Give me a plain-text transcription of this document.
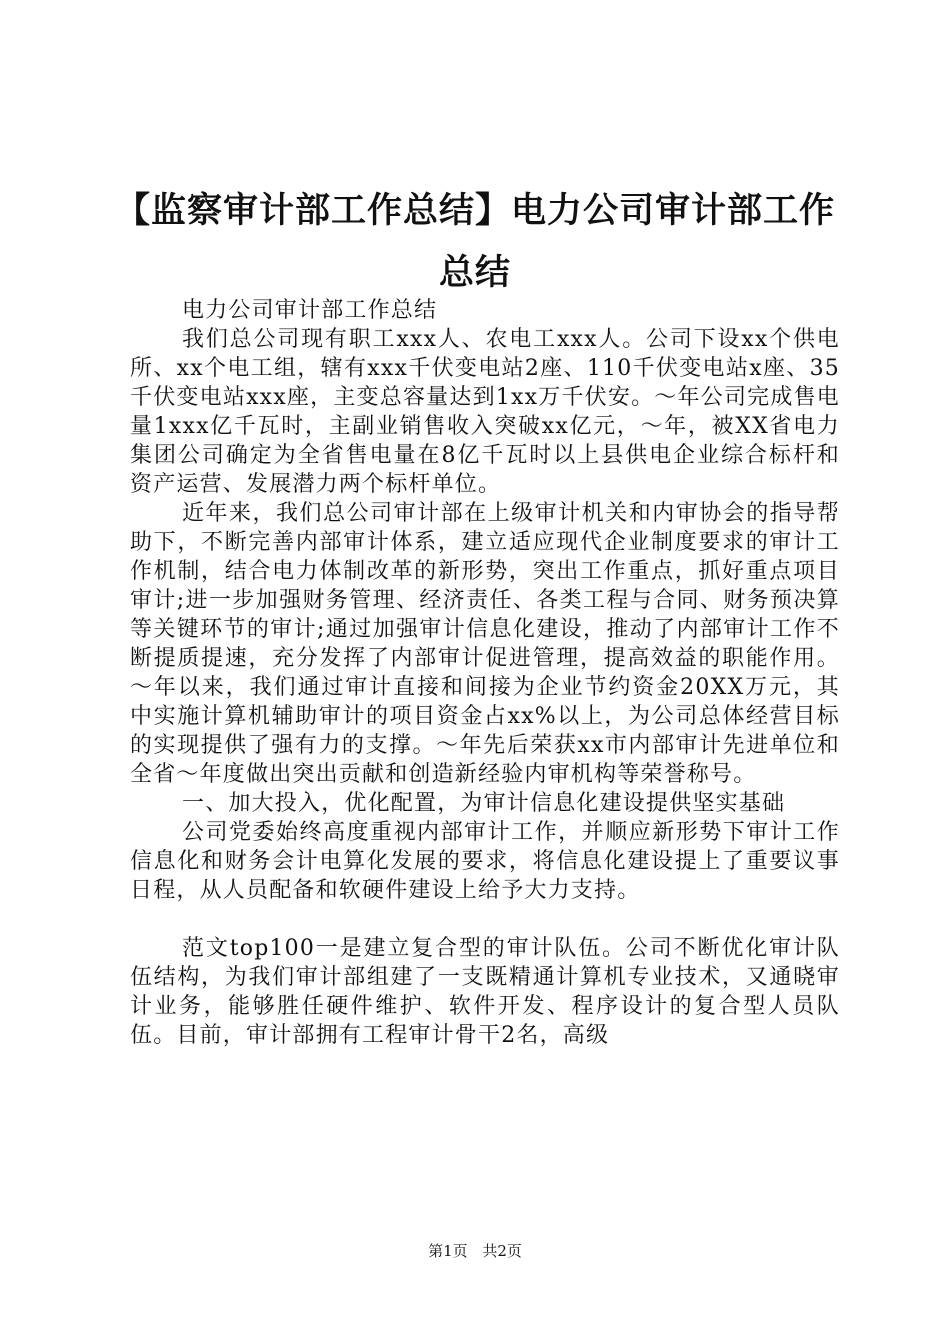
【监察审计部工作总结】电力公司审计部工作总结

电力公司审计部工作总结

我们总公司现有职工xxx人、农电工xxx人。公司下设xx个供电所、xx个电工组，辖有xxx千伏变电站2座、110千伏变电站x座、35千伏变电站xxx座，主变总容量达到1xx万千伏安。～年公司完成售电量1xxx亿千瓦时，主副业销售收入突破xx亿元，～年，被XX省电力集团公司确定为全省售电量在8亿千瓦时以上县供电企业综合标杆和资产运营、发展潜力两个标杆单位。

近年来，我们总公司审计部在上级审计机关和内审协会的指导帮助下，不断完善内部审计体系，建立适应现代企业制度要求的审计工作机制，结合电力体制改革的新形势，突出工作重点，抓好重点项目审计;进一步加强财务管理、经济责任、各类工程与合同、财务预决算等关键环节的审计;通过加强审计信息化建设，推动了内部审计工作不断提质提速，充分发挥了内部审计促进管理，提高效益的职能作用。～年以来，我们通过审计直接和间接为企业节约资金20XX万元，其中实施计算机辅助审计的项目资金占xx%以上，为公司总体经营目标的实现提供了强有力的支撑。～年先后荣获xx市内部审计先进单位和全省～年度做出突出贡献和创造新经验内审机构等荣誉称号。

一、加大投入，优化配置，为审计信息化建设提供坚实基础

公司党委始终高度重视内部审计工作，并顺应新形势下审计工作信息化和财务会计电算化发展的要求，将信息化建设提上了重要议事日程，从人员配备和软硬件建设上给予大力支持。

范文top100一是建立复合型的审计队伍。公司不断优化审计队伍结构，为我们审计部组建了一支既精通计算机专业技术，又通晓审计业务，能够胜任硬件维护、软件开发、程序设计的复合型人员队伍。目前，审计部拥有工程审计骨干2名，高级

第1页 共2页
